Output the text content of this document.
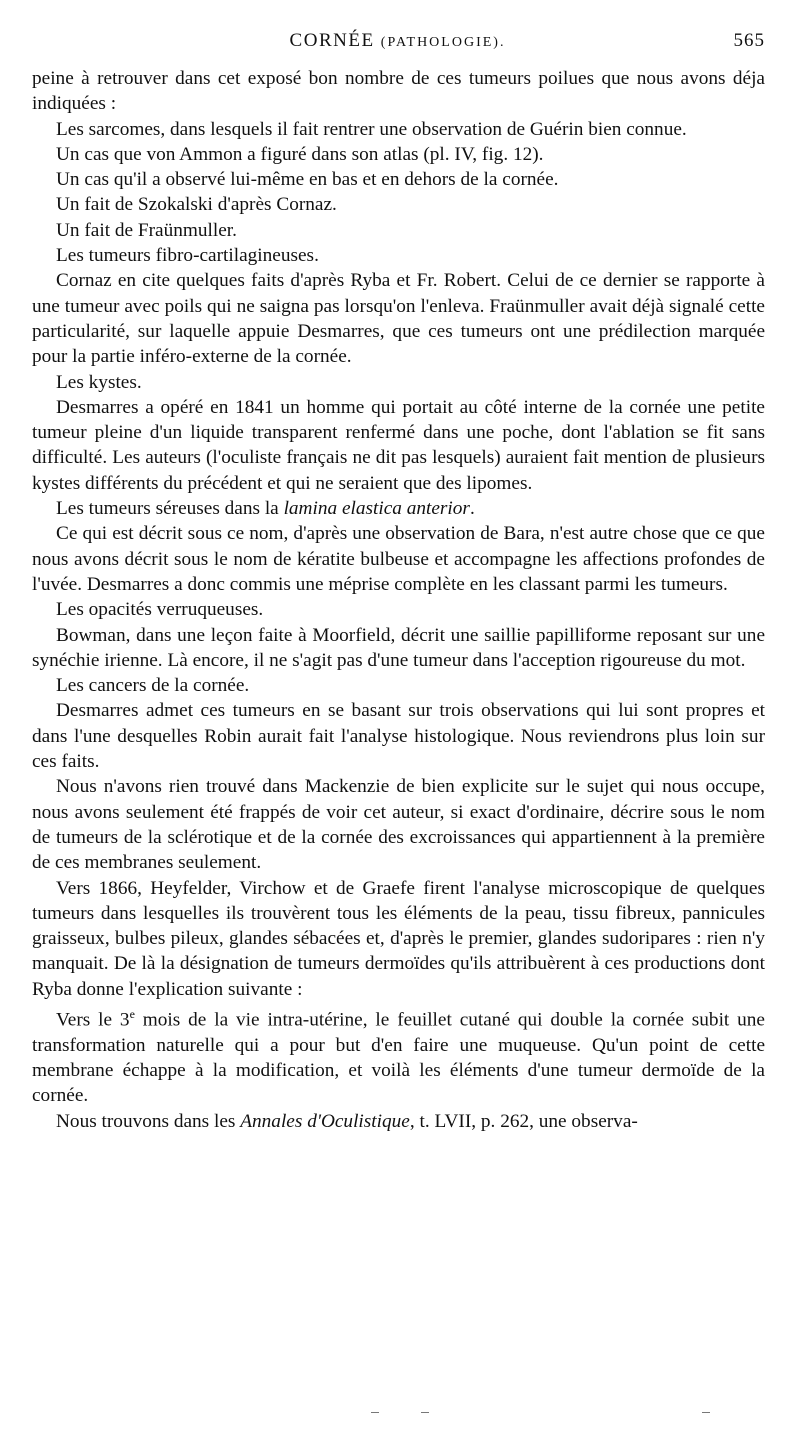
CORNÉE (PATHOLOGIE).	565

peine à retrouver dans cet exposé bon nombre de ces tumeurs poilues que nous avons déja indiquées :

Les sarcomes, dans lesquels il fait rentrer une observation de Guérin bien connue.

Un cas que von Ammon a figuré dans son atlas (pl. IV, fig. 12).

Un cas qu'il a observé lui-même en bas et en dehors de la cornée.

Un fait de Szokalski d'après Cornaz.

Un fait de Fraünmuller.

Les tumeurs fibro-cartilagineuses.

Cornaz en cite quelques faits d'après Ryba et Fr. Robert. Celui de ce dernier se rapporte à une tumeur avec poils qui ne saigna pas lorsqu'on l'enleva. Fraünmuller avait déjà signalé cette particularité, sur laquelle appuie Desmarres, que ces tumeurs ont une prédilection marquée pour la partie inféro-externe de la cornée.

Les kystes.

Desmarres a opéré en 1841 un homme qui portait au côté interne de la cornée une petite tumeur pleine d'un liquide transparent renfermé dans une poche, dont l'ablation se fit sans difficulté. Les auteurs (l'oculiste français ne dit pas lesquels) auraient fait mention de plusieurs kystes différents du précédent et qui ne seraient que des lipomes.

Les tumeurs séreuses dans la lamina elastica anterior.

Ce qui est décrit sous ce nom, d'après une observation de Bara, n'est autre chose que ce que nous avons décrit sous le nom de kératite bulbeuse et accompagne les affections profondes de l'uvée. Desmarres a donc commis une méprise complète en les classant parmi les tumeurs.

Les opacités verruqueuses.

Bowman, dans une leçon faite à Moorfield, décrit une saillie papilliforme reposant sur une synéchie irienne. Là encore, il ne s'agit pas d'une tumeur dans l'acception rigoureuse du mot.

Les cancers de la cornée.

Desmarres admet ces tumeurs en se basant sur trois observations qui lui sont propres et dans l'une desquelles Robin aurait fait l'analyse histologique. Nous reviendrons plus loin sur ces faits.

Nous n'avons rien trouvé dans Mackenzie de bien explicite sur le sujet qui nous occupe, nous avons seulement été frappés de voir cet auteur, si exact d'ordinaire, décrire sous le nom de tumeurs de la sclérotique et de la cornée des excroissances qui appartiennent à la première de ces membranes seulement.

Vers 1866, Heyfelder, Virchow et de Graefe firent l'analyse microscopique de quelques tumeurs dans lesquelles ils trouvèrent tous les éléments de la peau, tissu fibreux, pannicules graisseux, bulbes pileux, glandes sébacées et, d'après le premier, glandes sudoripares : rien n'y manquait. De là la désignation de tumeurs dermoïdes qu'ils attribuèrent à ces productions dont Ryba donne l'explication suivante :

Vers le 3e mois de la vie intra-utérine, le feuillet cutané qui double la cornée subit une transformation naturelle qui a pour but d'en faire une muqueuse. Qu'un point de cette membrane échappe à la modification, et voilà les éléments d'une tumeur dermoïde de la cornée.

Nous trouvons dans les Annales d'Oculistique, t. LVII, p. 262, une observa-
